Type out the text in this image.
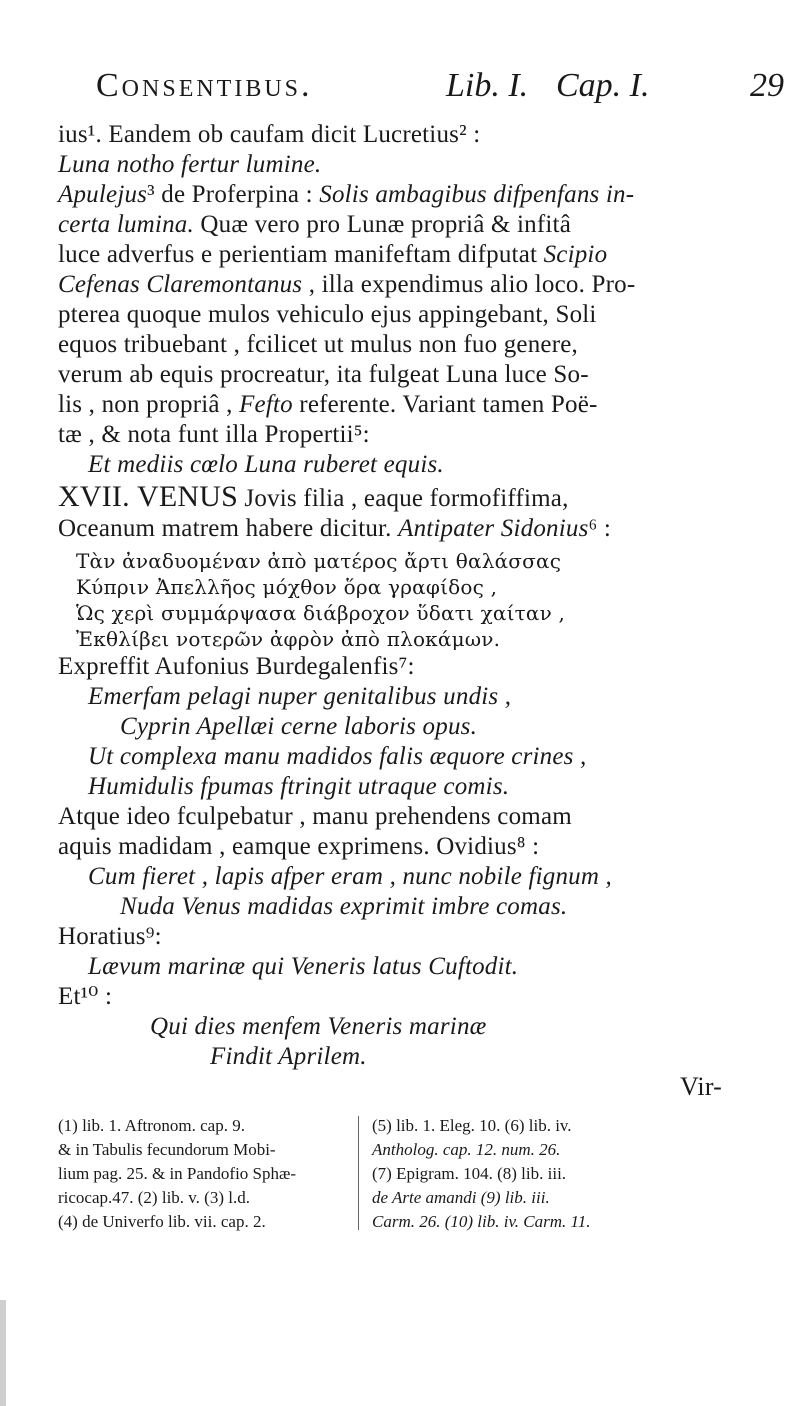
Consentibus.	Lib. I. Cap. I.	29
ius¹. Eandem ob caufam dicit Lucretius² :
Luna notho fertur lumine.
Apulejus³ de Proferpina : Solis ambagibus difpenfans in-
certa lumina. Quæ vero pro Lunæ propriâ & infitâ
luce adverfus e perientiam manifeftam difputat Scipio
Cefenas Claremontanus , illa expendimus alio loco. Pro-
pterea quoque mulos vehiculo ejus appingebant, Soli
equos tribuebant , fcilicet ut mulus non fuo genere,
verum ab equis procreatur, ita fulgeat Luna luce So-
lis , non propriâ , Fefto referente. Variant tamen Poë-
tæ , & nota funt illa Propertii⁵:
Et mediis cœlo Luna ruberet equis.
XVII. VENUS Jovis filia , eaque formofiffima,
Oceanum matrem habere dicitur. Antipater Sidonius⁶ :
Τὰν ἀναδυομέναν ἀπὸ ματέρος ἄρτι θαλάσσας
Κύπριν Ἀπελλῆος μόχθον ὅρα γραφίδος ,
Ὡς χερὶ συμμάρψασα διάβροχον ὕδατι χαίταν ,
Ἐκθλίβει νοτερῶν ἀφρὸν ἀπὸ πλοκάμων.
Expreffit Aufonius Burdegalenfis⁷:
Emerfam pelagi nuper genitalibus undis ,
Cyprin Apellæi cerne laboris opus.
Ut complexa manu madidos falis æquore crines ,
Humidulis fpumas ftringit utraque comis.
Atque ideo fculpebatur , manu prehendens comam
aquis madidam , eamque exprimens. Ovidius⁸ :
Cum fieret , lapis afper eram , nunc nobile fignum ,
Nuda Venus madidas exprimit imbre comas.
Horatius⁹:
Lævum marinæ qui Veneris latus Cuftodit.
Et¹⁰ :
Qui dies menfem Veneris marinæ
Findit Aprilem.
Vir-
(1) lib. 1. Aftronom. cap. 9.
& in Tabulis fecundorum Mobi-
lium pag. 25. & in Pandofio Sphæ-
ricocap.47. (2) lib. v. (3) l.d.
(4) de Univerfo lib. vii. cap. 2.
(5) lib. 1. Eleg. 10. (6) lib. iv.
Antholog. cap. 12. num. 26.
(7) Epigram. 104. (8) lib. iii.
de Arte amandi (9) lib. iii.
Carm. 26. (10) lib. iv. Carm. 11.
